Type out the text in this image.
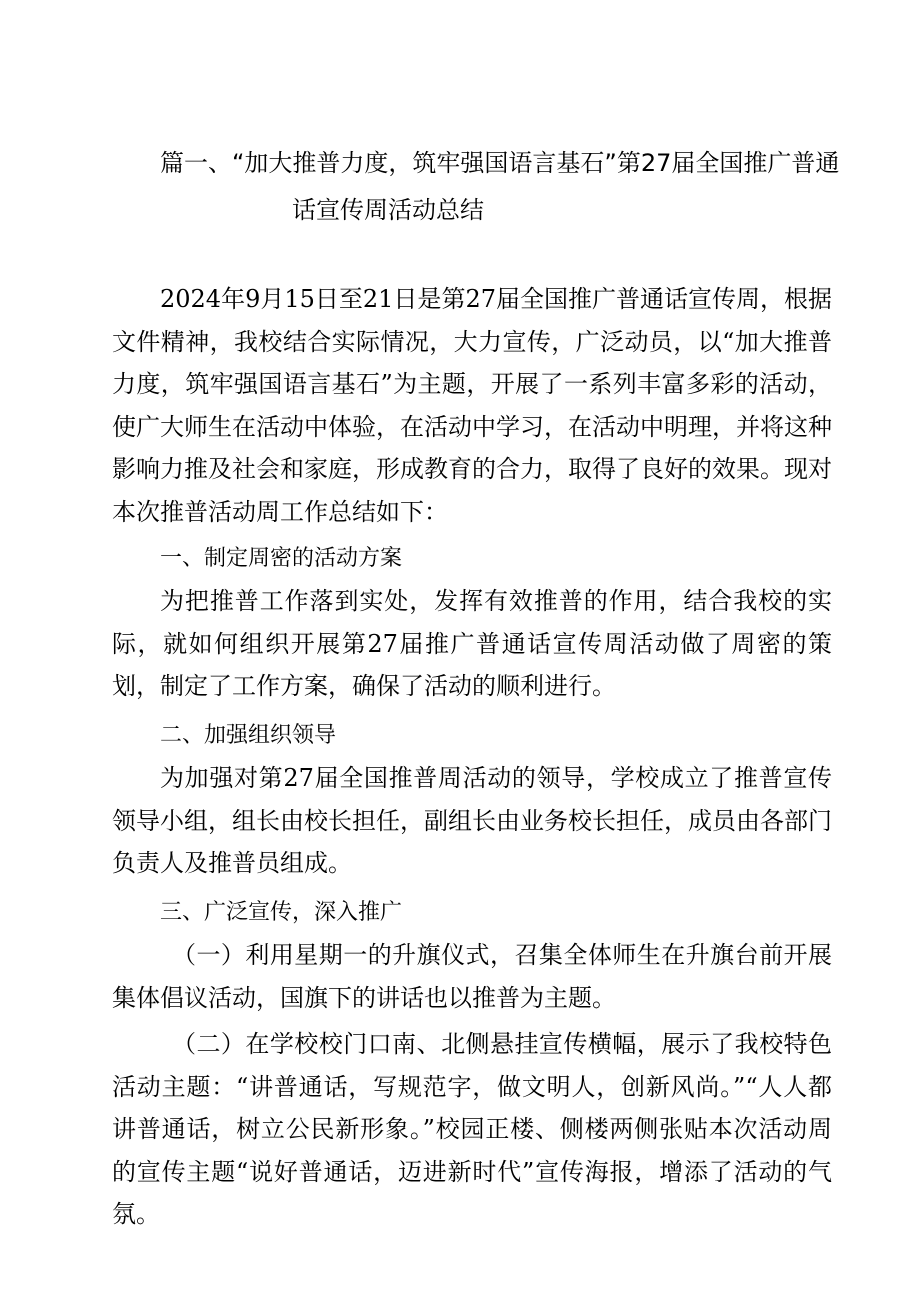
篇一、“加大推普力度，筑牢强国语言基石”第27届全国推广普通
话宣传周活动总结

2024年9月15日至21日是第27届全国推广普通话宣传周，根据文件精神，我校结合实际情况，大力宣传，广泛动员，以“加大推普力度，筑牢强国语言基石”为主题，开展了一系列丰富多彩的活动，使广大师生在活动中体验，在活动中学习，在活动中明理，并将这种影响力推及社会和家庭，形成教育的合力，取得了良好的效果。现对本次推普活动周工作总结如下：

一、制定周密的活动方案

为把推普工作落到实处，发挥有效推普的作用，结合我校的实际，就如何组织开展第27届推广普通话宣传周活动做了周密的策划，制定了工作方案，确保了活动的顺利进行。

二、加强组织领导

为加强对第27届全国推普周活动的领导，学校成立了推普宣传领导小组，组长由校长担任，副组长由业务校长担任，成员由各部门负责人及推普员组成。

三、广泛宣传，深入推广

（一）利用星期一的升旗仪式，召集全体师生在升旗台前开展集体倡议活动，国旗下的讲话也以推普为主题。

（二）在学校校门口南、北侧悬挂宣传横幅，展示了我校特色活动主题：“讲普通话，写规范字，做文明人，创新风尚。”“人人都讲普通话，树立公民新形象。”校园正楼、侧楼两侧张贴本次活动周的宣传主题“说好普通话，迈进新时代”宣传海报，增添了活动的气氛。
